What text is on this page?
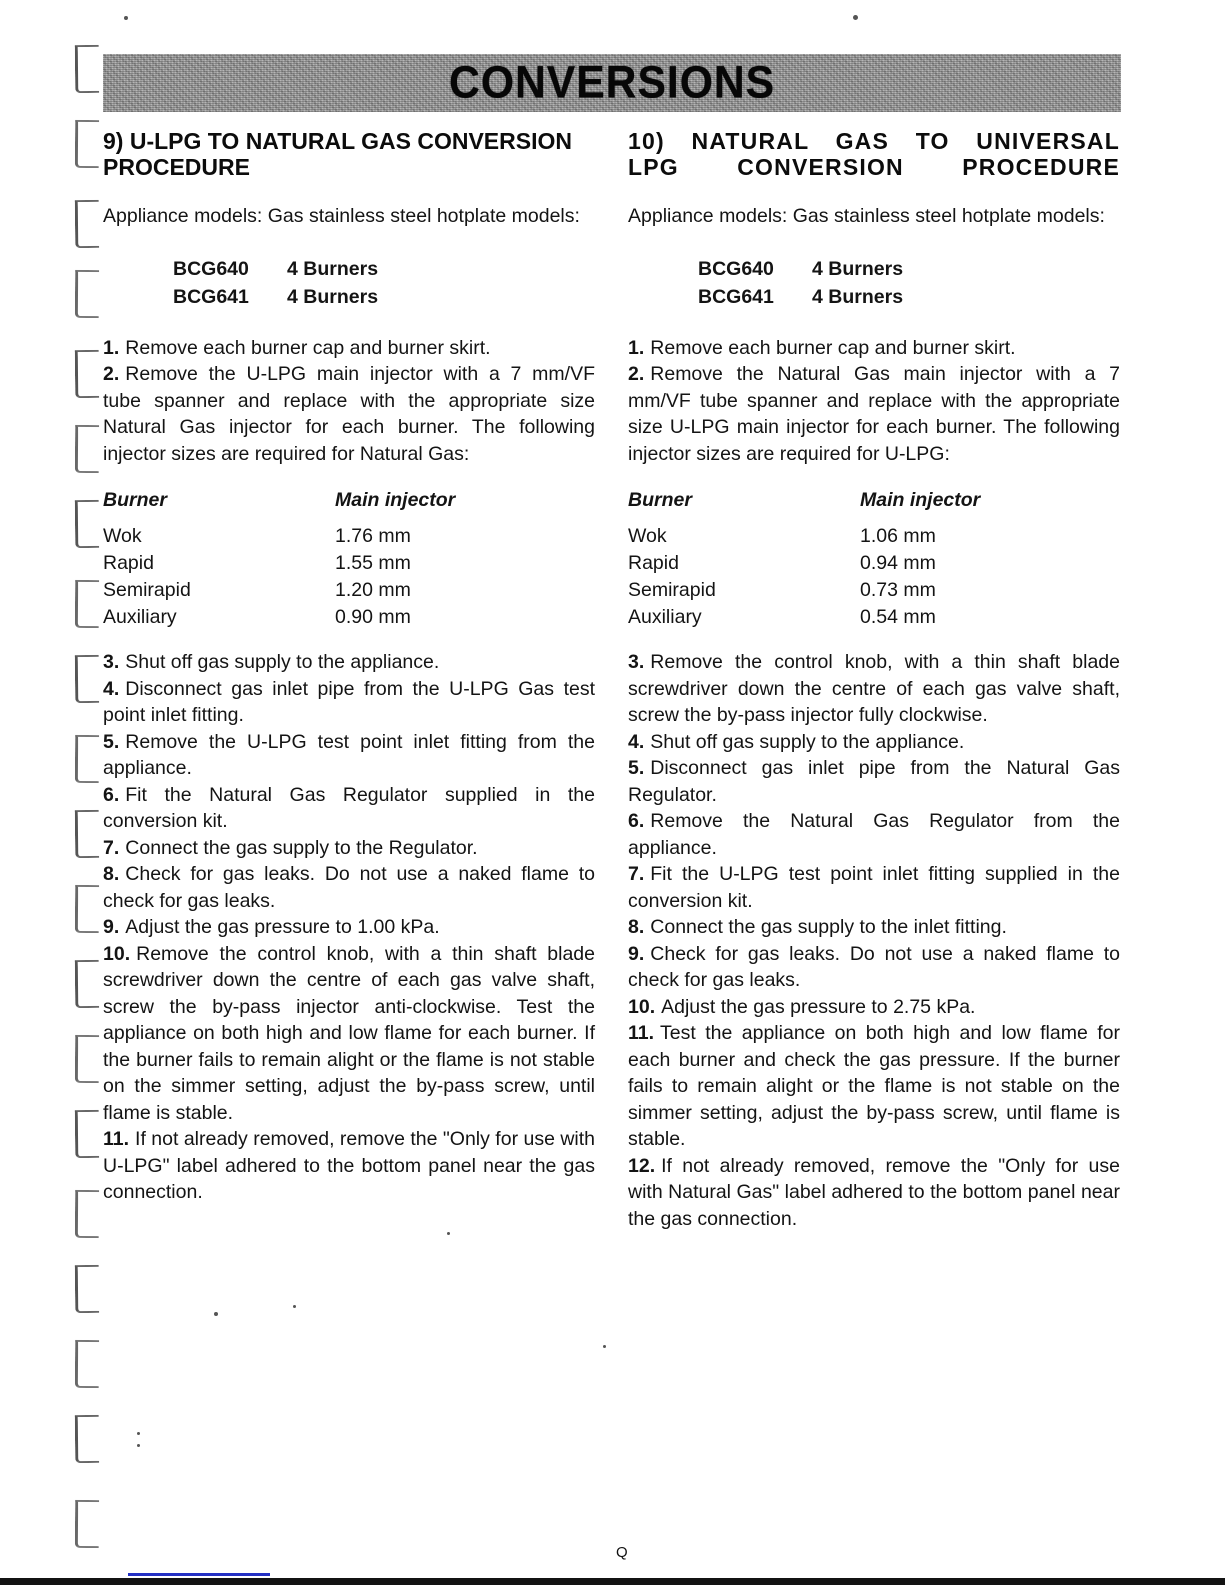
CONVERSIONS
9) U-LPG TO NATURAL GAS CONVERSION
PROCEDURE

Appliance models: Gas stainless steel hotplate models:

BCG640	4 Burners
BCG641	4 Burners

1. Remove each burner cap and burner skirt.

2. Remove the U-LPG main injector with a 7 mm/VF tube spanner and replace with the appropriate size Natural Gas injector for each burner. The following injector sizes are required for Natural Gas:

Burner	Main injector
Wok	1.76 mm
Rapid	1.55 mm
Semirapid	1.20 mm
Auxiliary	0.90 mm

3. Shut off gas supply to the appliance.

4. Disconnect gas inlet pipe from the U-LPG Gas test point inlet fitting.

5. Remove the U-LPG test point inlet fitting from the appliance.

6. Fit the Natural Gas Regulator supplied in the conversion kit.

7. Connect the gas supply to the Regulator.

8. Check for gas leaks. Do not use a naked flame to check for gas leaks.

9. Adjust the gas pressure to 1.00 kPa.

10. Remove the control knob, with a thin shaft blade screwdriver down the centre of each gas valve shaft, screw the by-pass injector anti-clockwise. Test the appliance on both high and low flame for each burner. If the burner fails to remain alight or the flame is not stable on the simmer setting, adjust the by-pass screw, until flame is stable.

11. If not already removed, remove the "Only for use with U-LPG" label adhered to the bottom panel near the gas connection.

10) NATURAL GAS TO UNIVERSAL
LPG CONVERSION PROCEDURE

Appliance models: Gas stainless steel hotplate models:

BCG640	4 Burners
BCG641	4 Burners

1. Remove each burner cap and burner skirt.

2. Remove the Natural Gas main injector with a 7 mm/VF tube spanner and replace with the appropriate size U-LPG main injector for each burner. The following injector sizes are required for U-LPG:

Burner	Main injector
Wok	1.06 mm
Rapid	0.94 mm
Semirapid	0.73 mm
Auxiliary	0.54 mm

3. Remove the control knob, with a thin shaft blade screwdriver down the centre of each gas valve shaft, screw the by-pass injector fully clockwise.

4. Shut off gas supply to the appliance.

5. Disconnect gas inlet pipe from the Natural Gas Regulator.

6. Remove the Natural Gas Regulator from the appliance.

7. Fit the U-LPG test point inlet fitting supplied in the conversion kit.

8. Connect the gas supply to the inlet fitting.

9. Check for gas leaks. Do not use a naked flame to check for gas leaks.

10. Adjust the gas pressure to 2.75 kPa.

11. Test the appliance on both high and low flame for each burner and check the gas pressure. If the burner fails to remain alight or the flame is not stable on the simmer setting, adjust the by-pass screw, until flame is stable.

12. If not already removed, remove the "Only for use with Natural Gas" label adhered to the bottom panel near the gas connection.

Q
